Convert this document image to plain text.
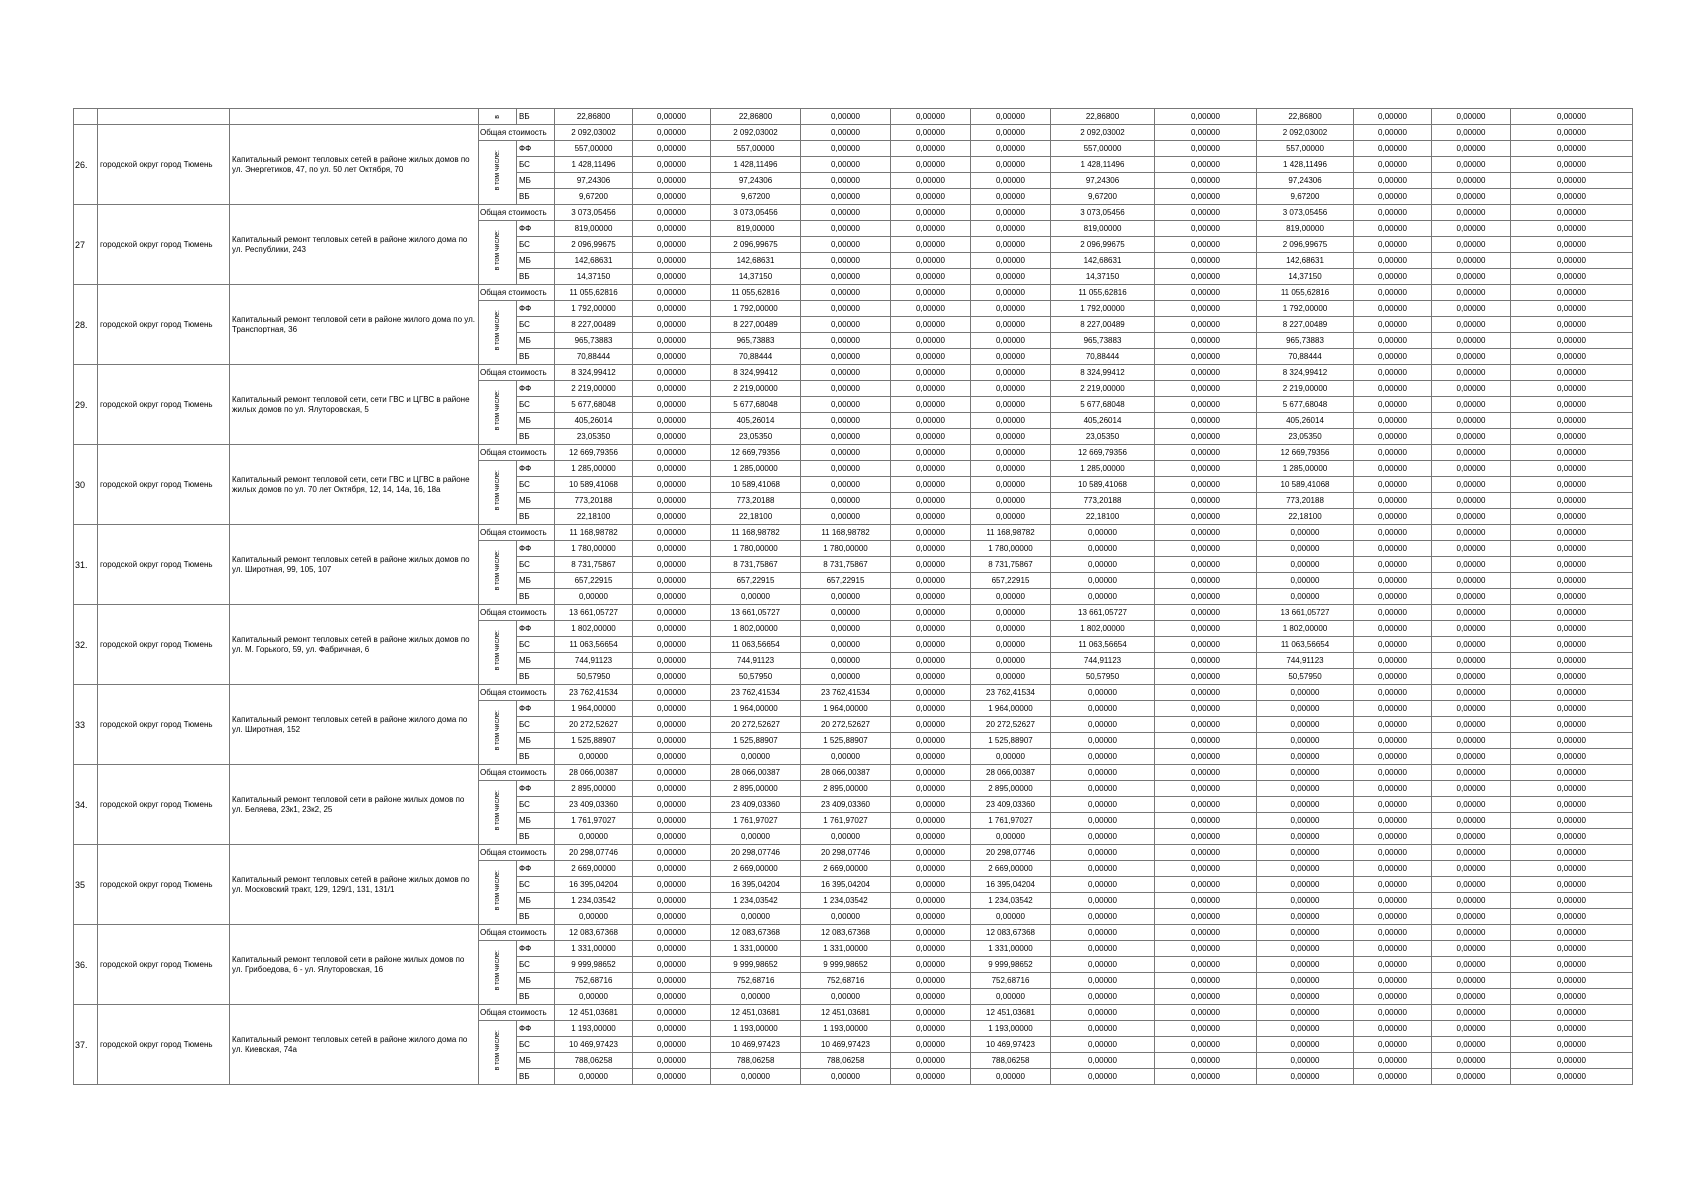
			в	ВБ	22,86800	0,00000	22,86800	0,00000	0,00000	0,00000	22,86800	0,00000	22,86800	0,00000	0,00000	0,00000
26.	городской округ город Тюмень	Капитальный ремонт тепловых сетей в районе жилых домов по ул. Энергетиков, 47, по ул. 50 лет Октября, 70	Общая стоимость		2 092,03002	0,00000	2 092,03002	0,00000	0,00000	0,00000	2 092,03002	0,00000	2 092,03002	0,00000	0,00000	0,00000
			в том числе:	ФФ	557,00000	0,00000	557,00000	0,00000	0,00000	0,00000	557,00000	0,00000	557,00000	0,00000	0,00000	0,00000
				БС	1 428,11496	0,00000	1 428,11496	0,00000	0,00000	0,00000	1 428,11496	0,00000	1 428,11496	0,00000	0,00000	0,00000
				МБ	97,24306	0,00000	97,24306	0,00000	0,00000	0,00000	97,24306	0,00000	97,24306	0,00000	0,00000	0,00000
				ВБ	9,67200	0,00000	9,67200	0,00000	0,00000	0,00000	9,67200	0,00000	9,67200	0,00000	0,00000	0,00000
27	городской округ город Тюмень	Капитальный ремонт тепловых сетей в районе жилого дома по ул. Республики, 243	Общая стоимость		3 073,05456	0,00000	3 073,05456	0,00000	0,00000	0,00000	3 073,05456	0,00000	3 073,05456	0,00000	0,00000	0,00000
			в том числе:	ФФ	819,00000	0,00000	819,00000	0,00000	0,00000	0,00000	819,00000	0,00000	819,00000	0,00000	0,00000	0,00000
				БС	2 096,99675	0,00000	2 096,99675	0,00000	0,00000	0,00000	2 096,99675	0,00000	2 096,99675	0,00000	0,00000	0,00000
				МБ	142,68631	0,00000	142,68631	0,00000	0,00000	0,00000	142,68631	0,00000	142,68631	0,00000	0,00000	0,00000
				ВБ	14,37150	0,00000	14,37150	0,00000	0,00000	0,00000	14,37150	0,00000	14,37150	0,00000	0,00000	0,00000
28.	городской округ город Тюмень	Капитальный ремонт тепловой сети в районе жилого дома по ул. Транспортная, 36	Общая стоимость		11 055,62816	0,00000	11 055,62816	0,00000	0,00000	0,00000	11 055,62816	0,00000	11 055,62816	0,00000	0,00000	0,00000
			в том числе:	ФФ	1 792,00000	0,00000	1 792,00000	0,00000	0,00000	0,00000	1 792,00000	0,00000	1 792,00000	0,00000	0,00000	0,00000
				БС	8 227,00489	0,00000	8 227,00489	0,00000	0,00000	0,00000	8 227,00489	0,00000	8 227,00489	0,00000	0,00000	0,00000
				МБ	965,73883	0,00000	965,73883	0,00000	0,00000	0,00000	965,73883	0,00000	965,73883	0,00000	0,00000	0,00000
				ВБ	70,88444	0,00000	70,88444	0,00000	0,00000	0,00000	70,88444	0,00000	70,88444	0,00000	0,00000	0,00000
29.	городской округ город Тюмень	Капитальный ремонт тепловой сети, сети ГВС и ЦГВС в районе жилых домов по ул. Ялуторовская, 5	Общая стоимость		8 324,99412	0,00000	8 324,99412	0,00000	0,00000	0,00000	8 324,99412	0,00000	8 324,99412	0,00000	0,00000	0,00000
			в том числе:	ФФ	2 219,00000	0,00000	2 219,00000	0,00000	0,00000	0,00000	2 219,00000	0,00000	2 219,00000	0,00000	0,00000	0,00000
				БС	5 677,68048	0,00000	5 677,68048	0,00000	0,00000	0,00000	5 677,68048	0,00000	5 677,68048	0,00000	0,00000	0,00000
				МБ	405,26014	0,00000	405,26014	0,00000	0,00000	0,00000	405,26014	0,00000	405,26014	0,00000	0,00000	0,00000
				ВБ	23,05350	0,00000	23,05350	0,00000	0,00000	0,00000	23,05350	0,00000	23,05350	0,00000	0,00000	0,00000
30	городской округ город Тюмень	Капитальный ремонт тепловой сети, сети ГВС и ЦГВС в районе жилых домов по ул. 70 лет Октября, 12, 14, 14а, 16, 18а	Общая стоимость		12 669,79356	0,00000	12 669,79356	0,00000	0,00000	0,00000	12 669,79356	0,00000	12 669,79356	0,00000	0,00000	0,00000
			в том числе:	ФФ	1 285,00000	0,00000	1 285,00000	0,00000	0,00000	0,00000	1 285,00000	0,00000	1 285,00000	0,00000	0,00000	0,00000
				БС	10 589,41068	0,00000	10 589,41068	0,00000	0,00000	0,00000	10 589,41068	0,00000	10 589,41068	0,00000	0,00000	0,00000
				МБ	773,20188	0,00000	773,20188	0,00000	0,00000	0,00000	773,20188	0,00000	773,20188	0,00000	0,00000	0,00000
				ВБ	22,18100	0,00000	22,18100	0,00000	0,00000	0,00000	22,18100	0,00000	22,18100	0,00000	0,00000	0,00000
31.	городской округ город Тюмень	Капитальный ремонт тепловых сетей в районе жилых домов по ул. Широтная, 99, 105, 107	Общая стоимость		11 168,98782	0,00000	11 168,98782	11 168,98782	0,00000	11 168,98782	0,00000	0,00000	0,00000	0,00000	0,00000	0,00000
			в том числе:	ФФ	1 780,00000	0,00000	1 780,00000	1 780,00000	0,00000	1 780,00000	0,00000	0,00000	0,00000	0,00000	0,00000	0,00000
				БС	8 731,75867	0,00000	8 731,75867	8 731,75867	0,00000	8 731,75867	0,00000	0,00000	0,00000	0,00000	0,00000	0,00000
				МБ	657,22915	0,00000	657,22915	657,22915	0,00000	657,22915	0,00000	0,00000	0,00000	0,00000	0,00000	0,00000
				ВБ	0,00000	0,00000	0,00000	0,00000	0,00000	0,00000	0,00000	0,00000	0,00000	0,00000	0,00000	0,00000
32.	городской округ город Тюмень	Капитальный ремонт тепловых сетей в районе жилых домов по ул. М. Горького, 59, ул. Фабричная, 6	Общая стоимость		13 661,05727	0,00000	13 661,05727	0,00000	0,00000	0,00000	13 661,05727	0,00000	13 661,05727	0,00000	0,00000	0,00000
			в том числе:	ФФ	1 802,00000	0,00000	1 802,00000	0,00000	0,00000	0,00000	1 802,00000	0,00000	1 802,00000	0,00000	0,00000	0,00000
				БС	11 063,56654	0,00000	11 063,56654	0,00000	0,00000	0,00000	11 063,56654	0,00000	11 063,56654	0,00000	0,00000	0,00000
				МБ	744,91123	0,00000	744,91123	0,00000	0,00000	0,00000	744,91123	0,00000	744,91123	0,00000	0,00000	0,00000
				ВБ	50,57950	0,00000	50,57950	0,00000	0,00000	0,00000	50,57950	0,00000	50,57950	0,00000	0,00000	0,00000
33	городской округ город Тюмень	Капитальный ремонт тепловых сетей в районе жилого дома по ул. Широтная, 152	Общая стоимость		23 762,41534	0,00000	23 762,41534	23 762,41534	0,00000	23 762,41534	0,00000	0,00000	0,00000	0,00000	0,00000	0,00000
			в том числе:	ФФ	1 964,00000	0,00000	1 964,00000	1 964,00000	0,00000	1 964,00000	0,00000	0,00000	0,00000	0,00000	0,00000	0,00000
				БС	20 272,52627	0,00000	20 272,52627	20 272,52627	0,00000	20 272,52627	0,00000	0,00000	0,00000	0,00000	0,00000	0,00000
				МБ	1 525,88907	0,00000	1 525,88907	1 525,88907	0,00000	1 525,88907	0,00000	0,00000	0,00000	0,00000	0,00000	0,00000
				ВБ	0,00000	0,00000	0,00000	0,00000	0,00000	0,00000	0,00000	0,00000	0,00000	0,00000	0,00000	0,00000
34.	городской округ город Тюмень	Капитальный ремонт тепловой сети в районе жилых домов по ул. Беляева, 23к1, 23к2, 25	Общая стоимость		28 066,00387	0,00000	28 066,00387	28 066,00387	0,00000	28 066,00387	0,00000	0,00000	0,00000	0,00000	0,00000	0,00000
			в том числе:	ФФ	2 895,00000	0,00000	2 895,00000	2 895,00000	0,00000	2 895,00000	0,00000	0,00000	0,00000	0,00000	0,00000	0,00000
				БС	23 409,03360	0,00000	23 409,03360	23 409,03360	0,00000	23 409,03360	0,00000	0,00000	0,00000	0,00000	0,00000	0,00000
				МБ	1 761,97027	0,00000	1 761,97027	1 761,97027	0,00000	1 761,97027	0,00000	0,00000	0,00000	0,00000	0,00000	0,00000
				ВБ	0,00000	0,00000	0,00000	0,00000	0,00000	0,00000	0,00000	0,00000	0,00000	0,00000	0,00000	0,00000
35	городской округ город Тюмень	Капитальный ремонт тепловых сетей в районе жилых домов по ул. Московский тракт, 129, 129/1, 131, 131/1	Общая стоимость		20 298,07746	0,00000	20 298,07746	20 298,07746	0,00000	20 298,07746	0,00000	0,00000	0,00000	0,00000	0,00000	0,00000
			в том числе:	ФФ	2 669,00000	0,00000	2 669,00000	2 669,00000	0,00000	2 669,00000	0,00000	0,00000	0,00000	0,00000	0,00000	0,00000
				БС	16 395,04204	0,00000	16 395,04204	16 395,04204	0,00000	16 395,04204	0,00000	0,00000	0,00000	0,00000	0,00000	0,00000
				МБ	1 234,03542	0,00000	1 234,03542	1 234,03542	0,00000	1 234,03542	0,00000	0,00000	0,00000	0,00000	0,00000	0,00000
				ВБ	0,00000	0,00000	0,00000	0,00000	0,00000	0,00000	0,00000	0,00000	0,00000	0,00000	0,00000	0,00000
36.	городской округ город Тюмень	Капитальный ремонт тепловой сети в районе жилых домов по ул. Грибоедова, 6 - ул. Ялуторовская, 16	Общая стоимость		12 083,67368	0,00000	12 083,67368	12 083,67368	0,00000	12 083,67368	0,00000	0,00000	0,00000	0,00000	0,00000	0,00000
			в том числе:	ФФ	1 331,00000	0,00000	1 331,00000	1 331,00000	0,00000	1 331,00000	0,00000	0,00000	0,00000	0,00000	0,00000	0,00000
				БС	9 999,98652	0,00000	9 999,98652	9 999,98652	0,00000	9 999,98652	0,00000	0,00000	0,00000	0,00000	0,00000	0,00000
				МБ	752,68716	0,00000	752,68716	752,68716	0,00000	752,68716	0,00000	0,00000	0,00000	0,00000	0,00000	0,00000
				ВБ	0,00000	0,00000	0,00000	0,00000	0,00000	0,00000	0,00000	0,00000	0,00000	0,00000	0,00000	0,00000
37.	городской округ город Тюмень	Капитальный ремонт тепловых сетей в районе жилого дома по ул. Киевская, 74а	Общая стоимость		12 451,03681	0,00000	12 451,03681	12 451,03681	0,00000	12 451,03681	0,00000	0,00000	0,00000	0,00000	0,00000	0,00000
			в том числе:	ФФ	1 193,00000	0,00000	1 193,00000	1 193,00000	0,00000	1 193,00000	0,00000	0,00000	0,00000	0,00000	0,00000	0,00000
				БС	10 469,97423	0,00000	10 469,97423	10 469,97423	0,00000	10 469,97423	0,00000	0,00000	0,00000	0,00000	0,00000	0,00000
				МБ	788,06258	0,00000	788,06258	788,06258	0,00000	788,06258	0,00000	0,00000	0,00000	0,00000	0,00000	0,00000
				ВБ	0,00000	0,00000	0,00000	0,00000	0,00000	0,00000	0,00000	0,00000	0,00000	0,00000	0,00000	0,00000
